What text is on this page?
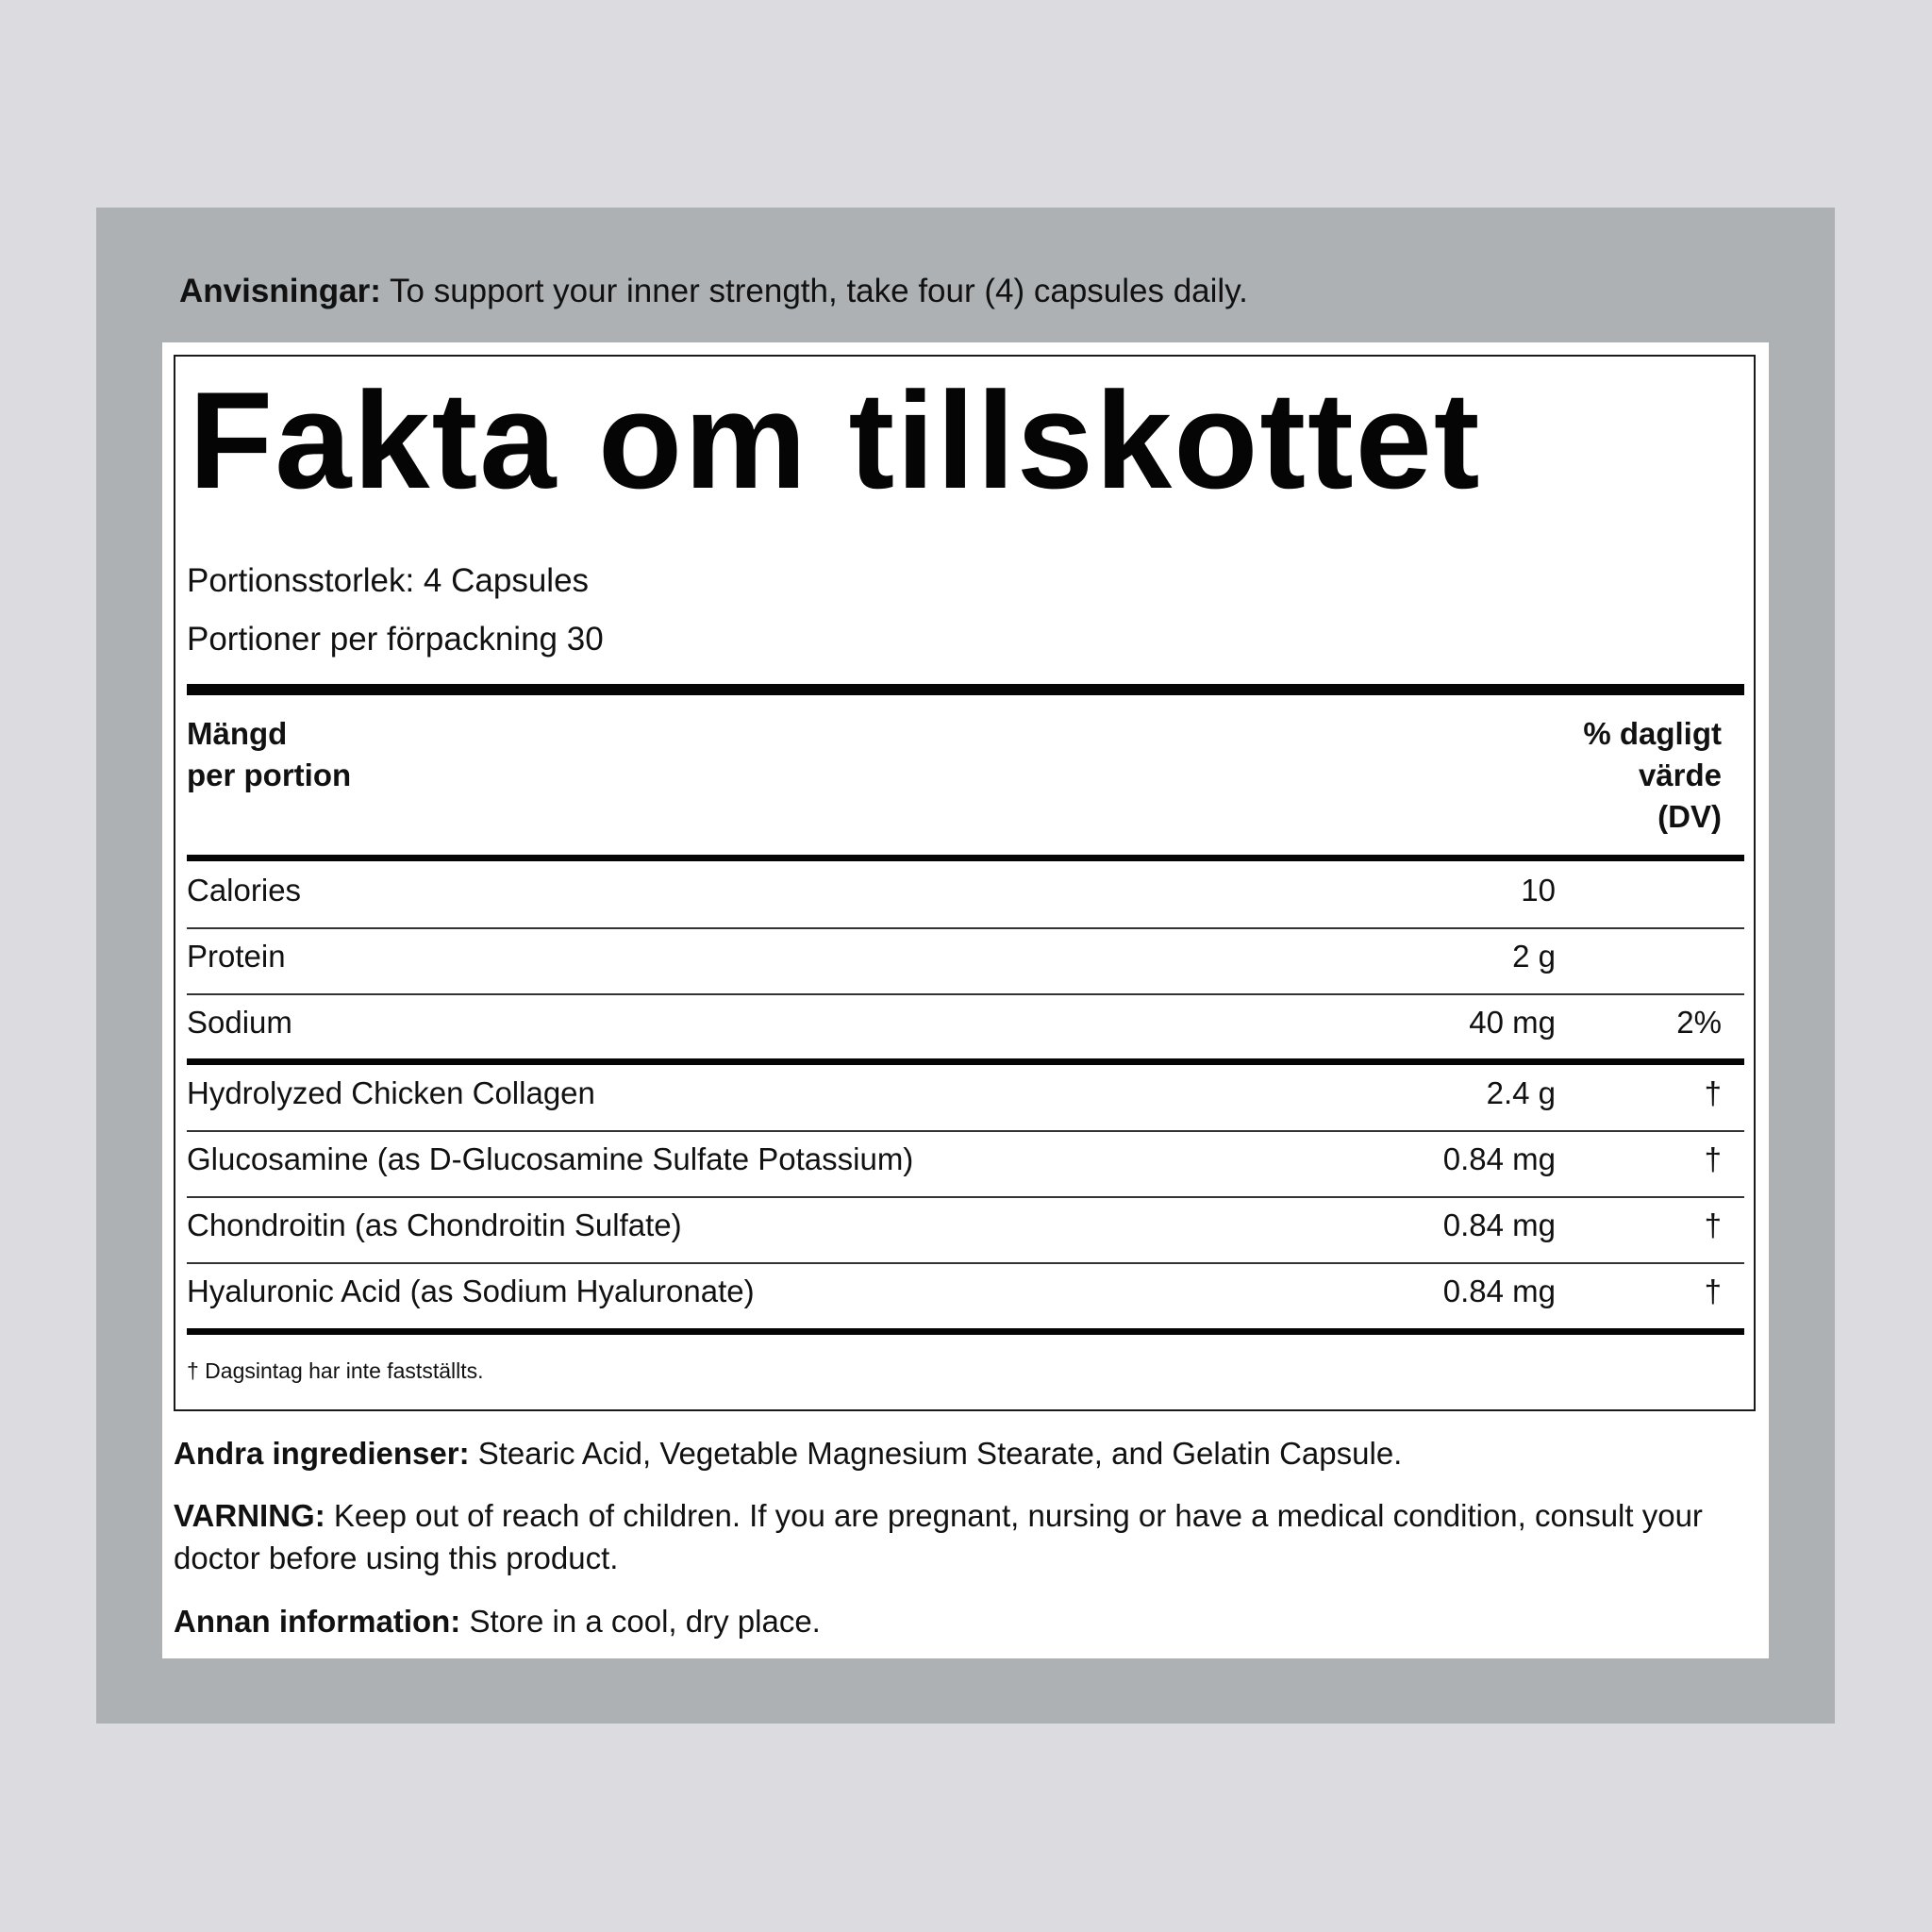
Anvisningar: To support your inner strength, take four (4) capsules daily.
Fakta om tillskottet
Portionsstorlek: 4 Capsules
Portioner per förpackning 30
Mängd
per portion
% dagligt
värde
(DV)
Calories	10
Protein	2 g
Sodium	40 mg	2%
Hydrolyzed Chicken Collagen	2.4 g	†
Glucosamine (as D-Glucosamine Sulfate Potassium)	0.84 mg	†
Chondroitin (as Chondroitin Sulfate)	0.84 mg	†
Hyaluronic Acid (as Sodium Hyaluronate)	0.84 mg	†
† Dagsintag har inte fastställts.
Andra ingredienser: Stearic Acid, Vegetable Magnesium Stearate, and Gelatin Capsule.
VARNING: Keep out of reach of children. If you are pregnant, nursing or have a medical condition, consult your doctor before using this product.
Annan information: Store in a cool, dry place.
